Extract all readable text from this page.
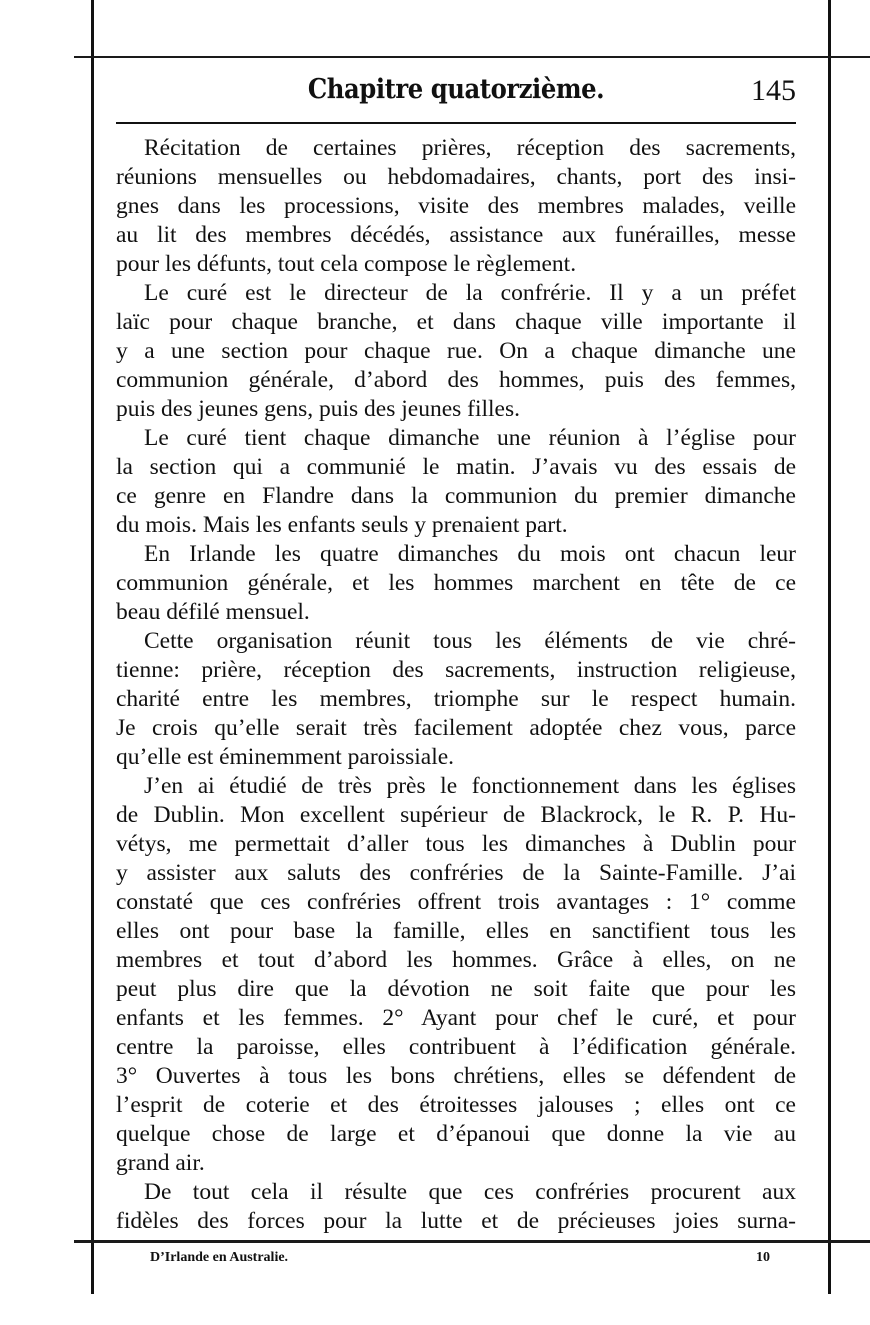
Chapitre quatorzième.	145
Récitation de certaines prières, réception des sacrements,
réunions mensuelles ou hebdomadaires, chants, port des insi-
gnes dans les processions, visite des membres malades, veille
au lit des membres décédés, assistance aux funérailles, messe
pour les défunts, tout cela compose le règlement.
Le curé est le directeur de la confrérie. Il y a un préfet
laïc pour chaque branche, et dans chaque ville importante il
y a une section pour chaque rue. On a chaque dimanche une
communion générale, d’abord des hommes, puis des femmes,
puis des jeunes gens, puis des jeunes filles.
Le curé tient chaque dimanche une réunion à l’église pour
la section qui a communié le matin. J’avais vu des essais de
ce genre en Flandre dans la communion du premier dimanche
du mois. Mais les enfants seuls y prenaient part.
En Irlande les quatre dimanches du mois ont chacun leur
communion générale, et les hommes marchent en tête de ce
beau défilé mensuel.
Cette organisation réunit tous les éléments de vie chré-
tienne: prière, réception des sacrements, instruction religieuse,
charité entre les membres, triomphe sur le respect humain.
Je crois qu’elle serait très facilement adoptée chez vous, parce
qu’elle est éminemment paroissiale.
J’en ai étudié de très près le fonctionnement dans les églises
de Dublin. Mon excellent supérieur de Blackrock, le R. P. Hu-
vétys, me permettait d’aller tous les dimanches à Dublin pour
y assister aux saluts des confréries de la Sainte-Famille. J’ai
constaté que ces confréries offrent trois avantages : 1° comme
elles ont pour base la famille, elles en sanctifient tous les
membres et tout d’abord les hommes. Grâce à elles, on ne
peut plus dire que la dévotion ne soit faite que pour les
enfants et les femmes. 2° Ayant pour chef le curé, et pour
centre la paroisse, elles contribuent à l’édification générale.
3° Ouvertes à tous les bons chrétiens, elles se défendent de
l’esprit de coterie et des étroitesses jalouses ; elles ont ce
quelque chose de large et d’épanoui que donne la vie au
grand air.
De tout cela il résulte que ces confréries procurent aux
fidèles des forces pour la lutte et de précieuses joies surna-
D’Irlande en Australie.	10
